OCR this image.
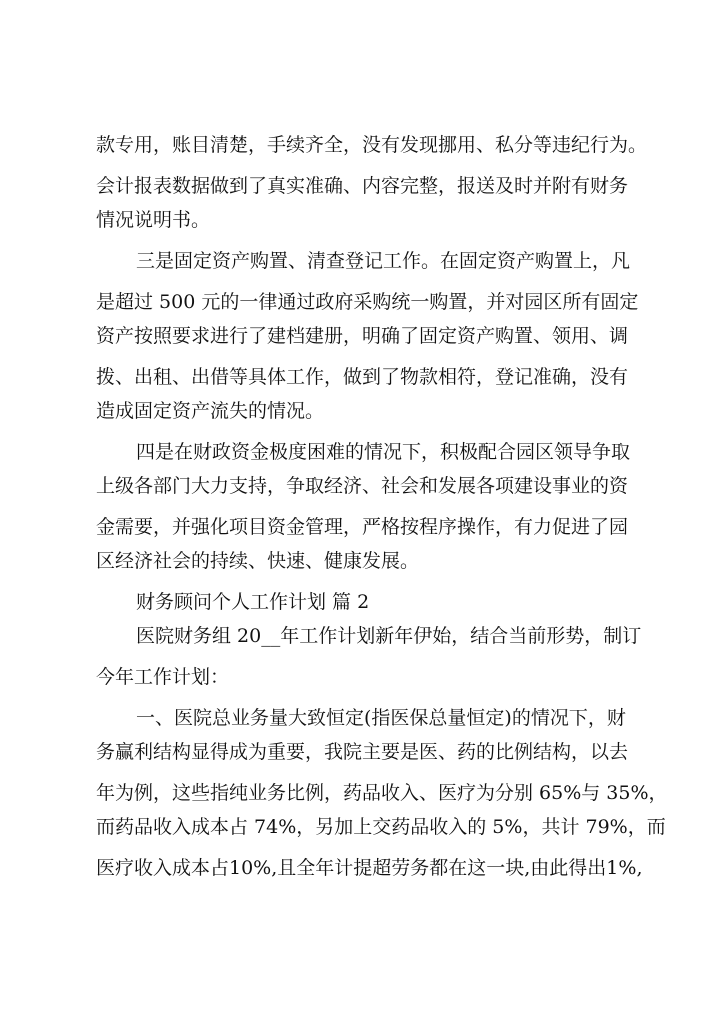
款专用，账目清楚，手续齐全，没有发现挪用、私分等违纪行为。
会计报表数据做到了真实准确、内容完整，报送及时并附有财务
情况说明书。
三是固定资产购置、清查登记工作。在固定资产购置上，凡
是超过 500 元的一律通过政府采购统一购置，并对园区所有固定
资产按照要求进行了建档建册，明确了固定资产购置、领用、调
拨、出租、出借等具体工作，做到了物款相符，登记准确，没有
造成固定资产流失的情况。
四是在财政资金极度困难的情况下，积极配合园区领导争取
上级各部门大力支持，争取经济、社会和发展各项建设事业的资
金需要，并强化项目资金管理，严格按程序操作，有力促进了园
区经济社会的持续、快速、健康发展。
财务顾问个人工作计划 篇 2
医院财务组 20__年工作计划新年伊始，结合当前形势，制订
今年工作计划：
一、医院总业务量大致恒定(指医保总量恒定)的情况下，财
务赢利结构显得成为重要，我院主要是医、药的比例结构，以去
年为例，这些指纯业务比例，药品收入、医疗为分别 65%与 35%，
而药品收入成本占 74%，另加上交药品收入的 5%，共计 79%，而
医疗收入成本占10%,且全年计提超劳务都在这一块,由此得出1%,
